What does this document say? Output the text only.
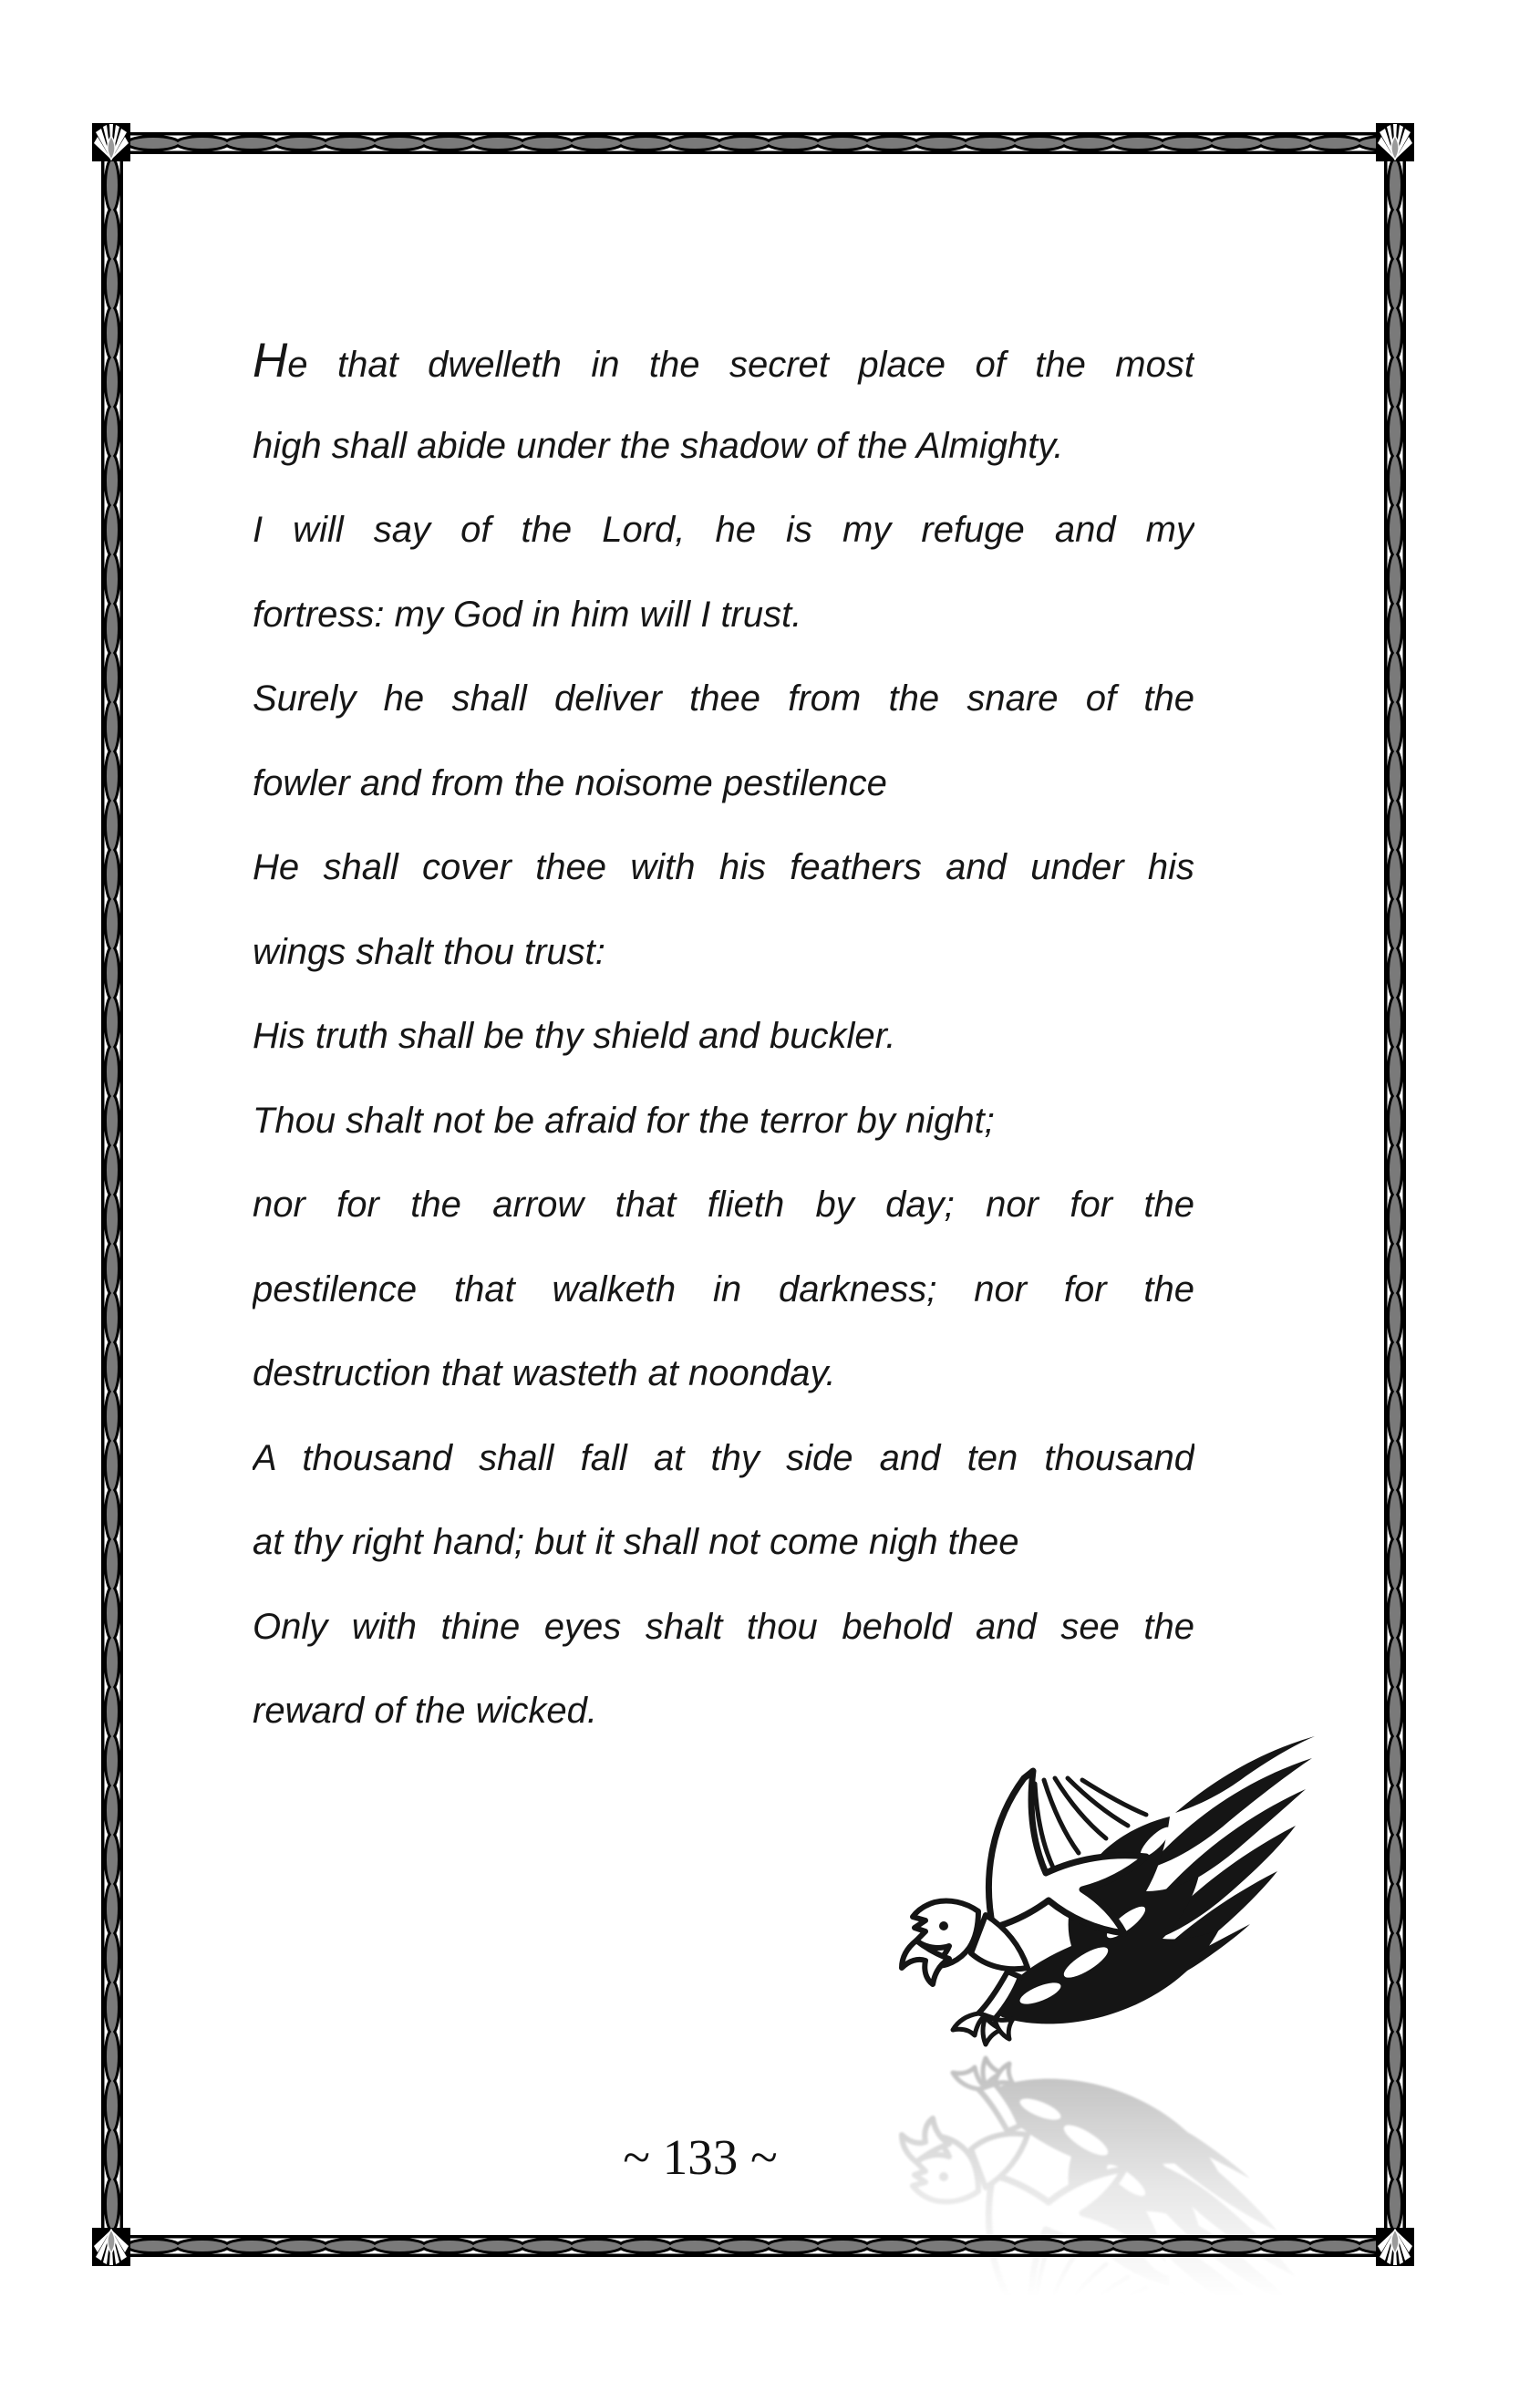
He that dwelleth in the secret place of the most
high shall abide under the shadow of the Almighty.
I will say of the Lord, he is my refuge and my
fortress: my God in him will I trust.
Surely he shall deliver thee from the snare of the
fowler and from the noisome pestilence
He shall cover thee with his feathers and under his
wings shalt thou trust:
His truth shall be thy shield and buckler.
Thou shalt not be afraid for the terror by night;
nor for the arrow that flieth by day; nor for the
pestilence that walketh in darkness; nor for the
destruction that wasteth at noonday.
A thousand shall fall at thy side and ten thousand
at thy right hand; but it shall not come nigh thee
Only with thine eyes shalt thou behold and see the
reward of the wicked.
~ 133 ~
